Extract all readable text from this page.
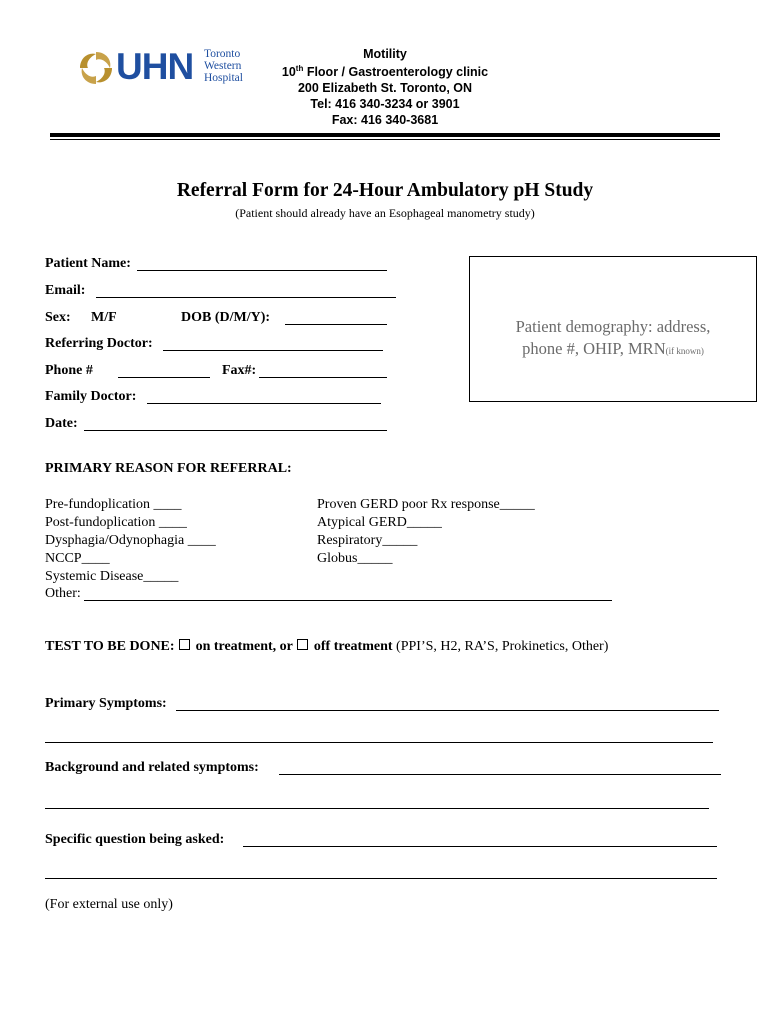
UHN Toronto
Western
Hospital
Motility
10th Floor / Gastroenterology clinic
200 Elizabeth St. Toronto, ON
Tel: 416 340-3234 or 3901
Fax: 416 340-3681
Referral Form for 24-Hour Ambulatory pH Study
(Patient should already have an Esophageal manometry study)
Patient Name:
Email:
Sex: M/F	DOB (D/M/Y):
Referring Doctor:
Phone #	Fax#:
Family Doctor:
Date:
Patient demography: address,
phone #, OHIP, MRN(if known)
PRIMARY REASON FOR REFERRAL:
Pre-fundoplication ____
Post-fundoplication ____
Dysphagia/Odynophagia ____
NCCP____
Systemic Disease_____
Proven GERD poor Rx response_____
Atypical GERD_____
Respiratory_____
Globus_____
Other:
TEST TO BE DONE: on treatment, or off treatment (PPI’S, H2, RA’S, Prokinetics, Other)
Primary Symptoms:
Background and related symptoms:
Specific question being asked:
(For external use only)
